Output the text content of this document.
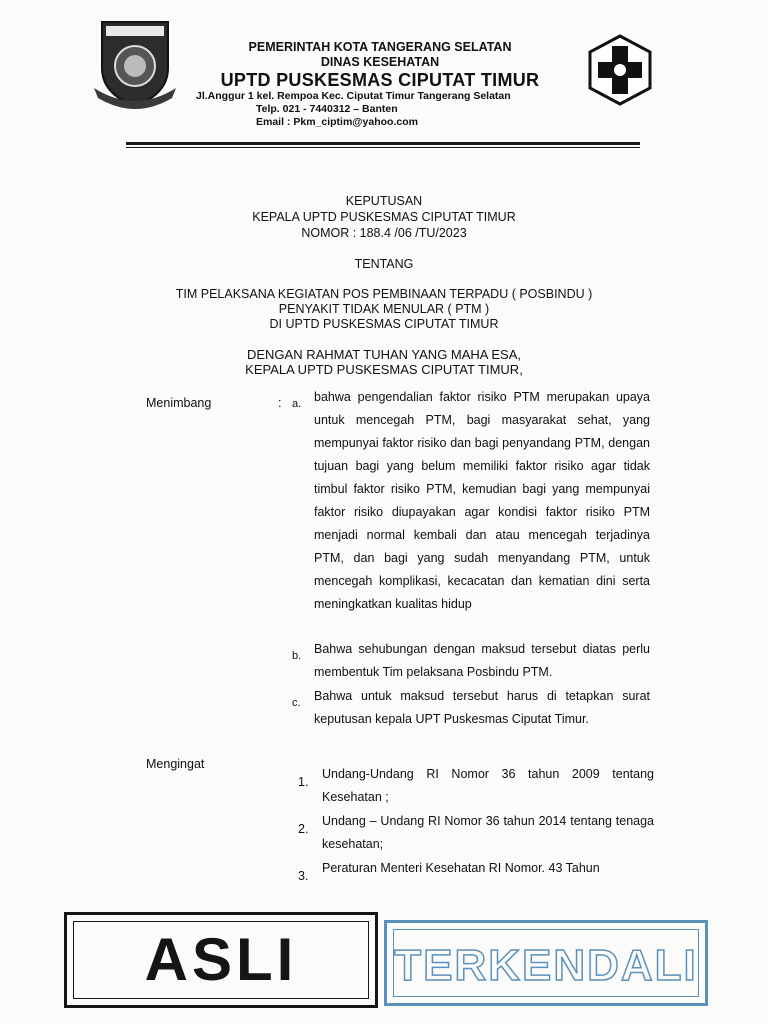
PEMERINTAH KOTA TANGERANG SELATAN
DINAS KESEHATAN
UPTD PUSKESMAS CIPUTAT TIMUR
Jl.Anggur 1 kel. Rempoa Kec. Ciputat Timur Tangerang Selatan
Telp. 021 - 7440312 – Banten
Email : Pkm_ciptim@yahoo.com
KEPUTUSAN
KEPALA UPTD PUSKESMAS CIPUTAT TIMUR
NOMOR : 188.4 /06 /TU/2023
TENTANG
TIM PELAKSANA KEGIATAN POS PEMBINAAN TERPADU ( POSBINDU )
PENYAKIT TIDAK MENULAR ( PTM )
DI UPTD PUSKESMAS CIPUTAT TIMUR
DENGAN RAHMAT TUHAN YANG MAHA ESA,
KEPALA UPTD PUSKESMAS CIPUTAT TIMUR,
Menimbang	: a. bahwa pengendalian faktor risiko PTM merupakan upaya untuk mencegah PTM, bagi masyarakat sehat, yang mempunyai faktor risiko dan bagi penyandang PTM, dengan tujuan bagi yang belum memiliki faktor risiko agar tidak timbul faktor risiko PTM, kemudian bagi yang mempunyai faktor risiko diupayakan agar kondisi faktor risiko PTM menjadi normal kembali dan atau mencegah terjadinya PTM, dan bagi yang sudah menyandang PTM, untuk mencegah komplikasi, kecacatan dan kematian dini serta meningkatkan kualitas hidup
b. Bahwa sehubungan dengan maksud tersebut diatas perlu membentuk Tim pelaksana Posbindu PTM.
c. Bahwa untuk maksud tersebut harus di tetapkan surat keputusan kepala UPT Puskesmas Ciputat Timur.
Mengingat
1.
Undang-Undang RI Nomor 36 tahun 2009 tentang Kesehatan ;
2.
Undang – Undang RI Nomor 36 tahun 2014 tentang tenaga kesehatan;
3.
Peraturan Menteri Kesehatan RI Nomor. 43 Tahun
ASLI	TERKENDALI
